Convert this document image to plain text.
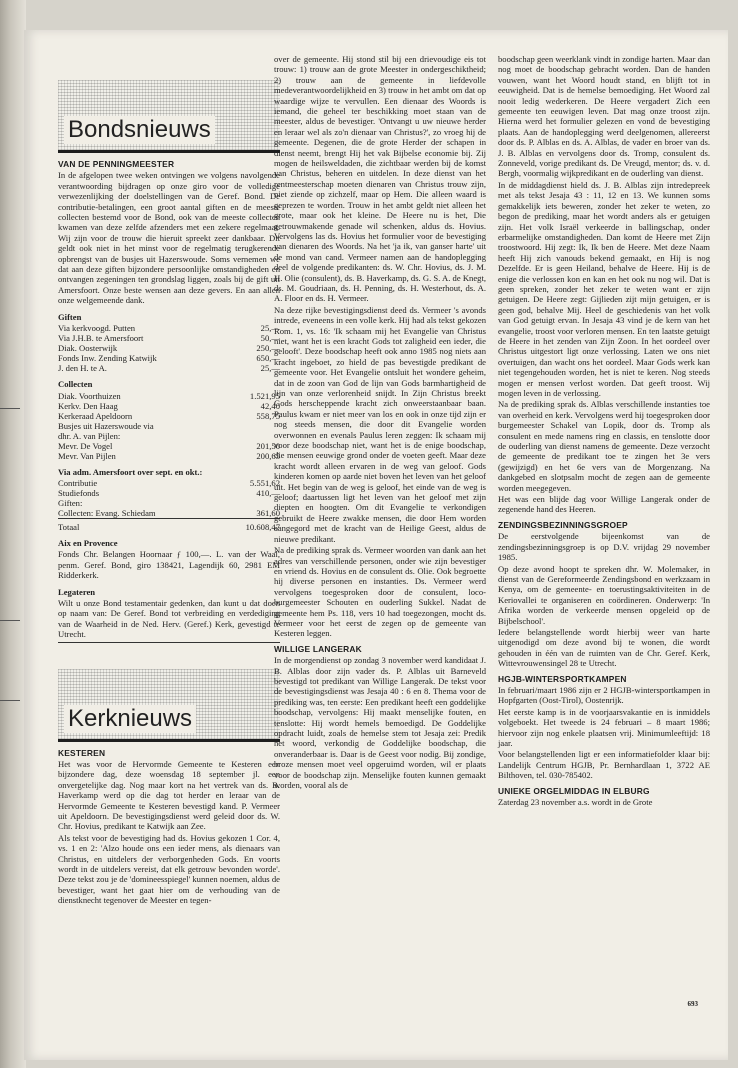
Bondsnieuws
VAN DE PENNINGMEESTER

In de afgelopen twee weken ontvingen we volgens navolgende verantwoording bijdragen op onze giro voor de volledige verwezenlijking der doelstellingen van de Geref. Bond. De contributie-betalingen, een groot aantal giften en de meeste collecten bestemd voor de Bond, ook van de meeste collecten kwamen van deze zelfde afzenders met een zekere regelmaat. Wij zijn voor de trouw die hieruit spreekt zeer dankbaar. Dit geldt ook niet in het minst voor de regelmatig terugkerende opbrengst van de busjes uit Hazerswoude. Soms vernemen we dat aan deze giften bijzondere persoonlijke omstandigheden en ontvangen zegeningen ten grondslag liggen, zoals bij de gift uit Amersfoort. Onze beste wensen aan deze gevers. En aan allen onze welgemeende dank.

Giften
Via kerkvoogd. Putten	25,—
Via J.H.B. te Amersfoort	50,—
Diak. Oosterwijk	250,—
Fonds Inw. Zending Katwijk	650,—
J. den H. te A.	25,—
Collecten
Diak. Voorthuizen	1.521,95
Kerkv. Den Haag	42,40
Kerkeraad Apeldoorn	558,75
Busjes uit Hazerswoude via	
dhr. A. van Pijlen:	
Mevr. De Vogel	201,50
Mevr. Van Pijlen	200,65
Via adm. Amersfoort over sept. en okt.:
Contributie	5.551,62
Studiefonds	410,—
Giften:	
Collecten: Evang. Schiedam	361,60
Totaal	10.608,47
Aix en Provence

Fonds Chr. Belangen Hoornaar ƒ 100,—. L. van der Waal, penm. Geref. Bond, giro 138421, Lagendijk 60, 2981 EM Ridderkerk.

Legateren

Wilt u onze Bond testamentair gedenken, dan kunt u dat doen op naam van: De Geref. Bond tot verbreiding en verdediging van de Waarheid in de Ned. Herv. (Geref.) Kerk, gevestigd te Utrecht.

Kerknieuws
KESTEREN

Het was voor de Hervormde Gemeente te Kesteren een bijzondere dag, deze woensdag 18 september jl. een onvergetelijke dag. Nog maar kort na het vertrek van ds. B. Haverkamp werd op die dag tot herder en leraar van de Hervormde Gemeente te Kesteren bevestigd kand. P. Vermeer uit Apeldoorn. De bevestigingsdienst werd geleid door ds. W. Chr. Hovius, predikant te Katwijk aan Zee.

Als tekst voor de bevestiging had ds. Hovius gekozen 1 Cor. 4, vs. 1 en 2: 'Alzo houde ons een ieder mens, als dienaars van Christus, en uitdelers der verborgenheden Gods. En voorts wordt in de uitdelers vereist, dat elk getrouw bevonden worde'. Deze tekst zou je de 'domineesspiegel' kunnen noemen, aldus de bevestiger, want het gaat hier om de verhouding van de dienstknecht tegenover de Meester en tegen-

over de gemeente. Hij stond stil bij een drievoudige eis tot trouw: 1) trouw aan de grote Meester in ondergeschiktheid; 2) trouw aan de gemeente in liefdevolle medeverantwoordelijkheid en 3) trouw in het ambt om dat op waardige wijze te vervullen. Een dienaar des Woords is iemand, die geheel ter beschikking moet staan van de meester, aldus de bevestiger. 'Ontvangt u uw nieuwe herder en leraar wel als zo'n dienaar van Christus?', zo vroeg hij de gemeente. Degenen, die de grote Herder der schapen in dienst neemt, brengt Hij het vak Bijbelse economie bij. Zij mogen de heilsweldaden, die zichtbaar werden bij de komst van Christus, beheren en uitdelen. In deze dienst van het rentmeesterschap moeten dienaren van Christus trouw zijn, niet ziende op zichzelf, maar op Hem. Die alleen waard is geprezen te worden. Trouw in het ambt geldt niet alleen het grote, maar ook het kleine. De Heere nu is het, Die getrouwmakende genade wil schenken, aldus ds. Hovius. Vervolgens las ds. Hovius het formulier voor de bevestiging van dienaren des Woords. Na het 'ja ik, van ganser harte' uit de mond van cand. Vermeer namen aan de handoplegging deel de volgende predikanten: ds. W. Chr. Hovius, ds. J. M. H. Olie (consulent), ds. B. Haverkamp, ds. G. S. A. de Knegt, ds. M. Goudriaan, ds. H. Penning, ds. H. Westerhout, ds. A. A. Floor en ds. H. Vermeer.

Na deze rijke bevestigingsdienst deed ds. Vermeer 's avonds intrede, eveneens in een volle kerk. Hij had als tekst gekozen Rom. 1, vs. 16: 'Ik schaam mij het Evangelie van Christus niet, want het is een kracht Gods tot zaligheid een ieder, die gelooft'. Deze boodschap heeft ook anno 1985 nog niets aan kracht ingeboet, zo hield de pas bevestigde predikant de gemeente voor. Het Evangelie ontsluit het wondere geheim, dat in de zoon van God de lijn van Gods barmhartigheid de lijn van onze verlorenheid snijdt. In Zijn Christus breekt Gods herscheppende kracht zich onweerstaanbaar baan. Paulus kwam er niet meer van los en ook in onze tijd zijn er nog steeds mensen, die door dit Evangelie worden overwonnen en evenals Paulus leren zeggen: Ik schaam mij voor deze boodschap niet, want het is de enige boodschap, die mensen eeuwige grond onder de voeten geeft. Maar deze kracht wordt alleen ervaren in de weg van geloof. Gods kinderen komen op aarde niet boven het leven van het geloof uit. Het begin van de weg is geloof, het einde van de weg is geloof; daartussen ligt het leven van het geloof met zijn diepten en hoogten. Om dit Evangelie te verkondigen gebruikt de Heere zwakke mensen, die door Hem worden aangegord met de kracht van de Heilige Geest, aldus de nieuwe predikant.

Na de prediking sprak ds. Vermeer woorden van dank aan het adres van verschillende personen, onder wie zijn bevestiger en vriend ds. Hovius en de consulent ds. Olie. Ook begroette hij diverse personen en instanties. Ds. Vermeer werd vervolgens toegesproken door de consulent, loco-burgemeester Schouten en ouderling Sukkel. Nadat de gemeente hem Ps. 118, vers 10 had toegezongen, mocht ds. Vermeer voor het eerst de zegen op de gemeente van Kesteren leggen.

WILLIGE LANGERAK

In de morgendienst op zondag 3 november werd kandidaat J. B. Alblas door zijn vader ds. P. Alblas uit Barneveld bevestigd tot predikant van Willige Langerak. De tekst voor de bevestigingsdienst was Jesaja 40 : 6 en 8. Thema voor de prediking was, ten eerste: Een predikant heeft een goddelijke boodschap, vervolgens: Hij maakt menselijke fouten, en tenslotte: Hij wordt hemels bemoedigd. De Goddelijke opdracht luidt, zoals de hemelse stem tot Jesaja zei: Predik het woord, verkondig de Goddelijke boodschap, die onveranderbaar is. Daar is de Geest voor nodig. Bij zondige, broze mensen moet veel opgeruimd worden, wil er plaats voor de boodschap zijn. Menselijke fouten kunnen gemaakt worden, vooral als de

boodschap geen weerklank vindt in zondige harten. Maar dan nog moet de boodschap gebracht worden. Dan de handen vouwen, want het Woord houdt stand, en blijft tot in eeuwigheid. Dat is de hemelse bemoediging. Het Woord zal nooit ledig wederkeren. De Heere vergadert Zich een gemeente ten eeuwigen leven. Dat mag onze troost zijn. Hierna werd het formulier gelezen en vond de bevestiging plaats. Aan de handoplegging werd deelgenomen, allereerst door ds. P. Alblas en ds. A. Alblas, de vader en broer van ds. J. B. Alblas en vervolgens door ds. Tromp, consulent ds. Zonneveld, vorige predikant ds. De Vreugd, mentor; ds. v. d. Bergh, voormalig wijkpredikant en de ouderling van dienst.

In de middagdienst hield ds. J. B. Alblas zijn intredepreek met als tekst Jesaja 43 : 11, 12 en 13. We kunnen soms gemakkelijk iets beweren, zonder het zeker te weten, zo begon de prediking, maar het wordt anders als er getuigen zijn. Het volk Israël verkeerde in ballingschap, onder erbarmelijke omstandigheden. Dan komt de Heere met Zijn troostwoord. Hij zegt: Ik, Ik ben de Heere. Met deze Naam heeft Hij zich vanouds bekend gemaakt, en Hij is nog Dezelfde. Er is geen Heiland, behalve de Heere. Hij is de enige die verlossen kon en kan en het ook nu nog wil. Dat is geen spreken, zonder het zeker te weten want er zijn getuigen. De Heere zegt: Gijlieden zijt mijn getuigen, er is geen god, behalve Mij. Heel de geschiedenis van het volk van God getuigt ervan. In Jesaja 43 vind je de kern van het evangelie, troost voor verloren mensen. En ten laatste getuigt de Heere in het zenden van Zijn Zoon. In het oordeel over Christus uitgestort ligt onze verlossing. Laten we ons niet overtuigen, dan wacht ons het oordeel. Maar Gods werk kan niet tegengehouden worden, het is niet te keren. Nog steeds mogen er mensen verlost worden. Dat geeft troost. Wij mogen leven in de verlossing.

Na de prediking sprak ds. Alblas verschillende instanties toe van overheid en kerk. Vervolgens werd hij toegesproken door burgemeester Schakel van Lopik, door ds. Tromp als consulent en mede namens ring en classis, en tenslotte door de ouderling van dienst namens de gemeente. Deze verzocht de gemeente de predikant toe te zingen het 3e vers (gewijzigd) en het 6e vers van de Morgenzang. Na dankgebed en slotpsalm mocht de zegen aan de gemeente worden meegegeven.

Het was een blijde dag voor Willige Langerak onder de zegenende hand des Heeren.

ZENDINGSBEZINNINGSGROEP

De eerstvolgende bijeenkomst van de zendingsbezinningsgroep is op D.V. vrijdag 29 november 1985.

Op deze avond hoopt te spreken dhr. W. Molemaker, in dienst van de Gereformeerde Zendingsbond en werkzaam in Kenya, om de gemeente- en toerustingsaktiviteiten in de Keriovallei te organiseren en coördineren. Onderwerp: 'In Afrika worden de verkeerde mensen opgeleid op de Bijbelschool'.

Iedere belangstellende wordt hierbij weer van harte uitgenodigd om deze avond bij te wonen, die wordt gehouden in één van de ruimten van de Chr. Geref. Kerk, Wittevrouwensingel 28 te Utrecht.

HGJB-WINTERSPORTKAMPEN

In februari/maart 1986 zijn er 2 HGJB-wintersportkampen in Hopfgarten (Oost-Tirol), Oostenrijk.

Het eerste kamp is in de voorjaarsvakantie en is inmiddels volgeboekt. Het tweede is 24 februari – 8 maart 1986; hiervoor zijn nog enkele plaatsen vrij. Minimumleeftijd: 18 jaar.

Voor belangstellenden ligt er een informatiefolder klaar bij: Landelijk Centrum HGJB, Pr. Bernhardlaan 1, 3722 AE Bilthoven, tel. 030-785402.

UNIEKE ORGELMIDDAG IN ELBURG

Zaterdag 23 november a.s. wordt in de Grote

693
